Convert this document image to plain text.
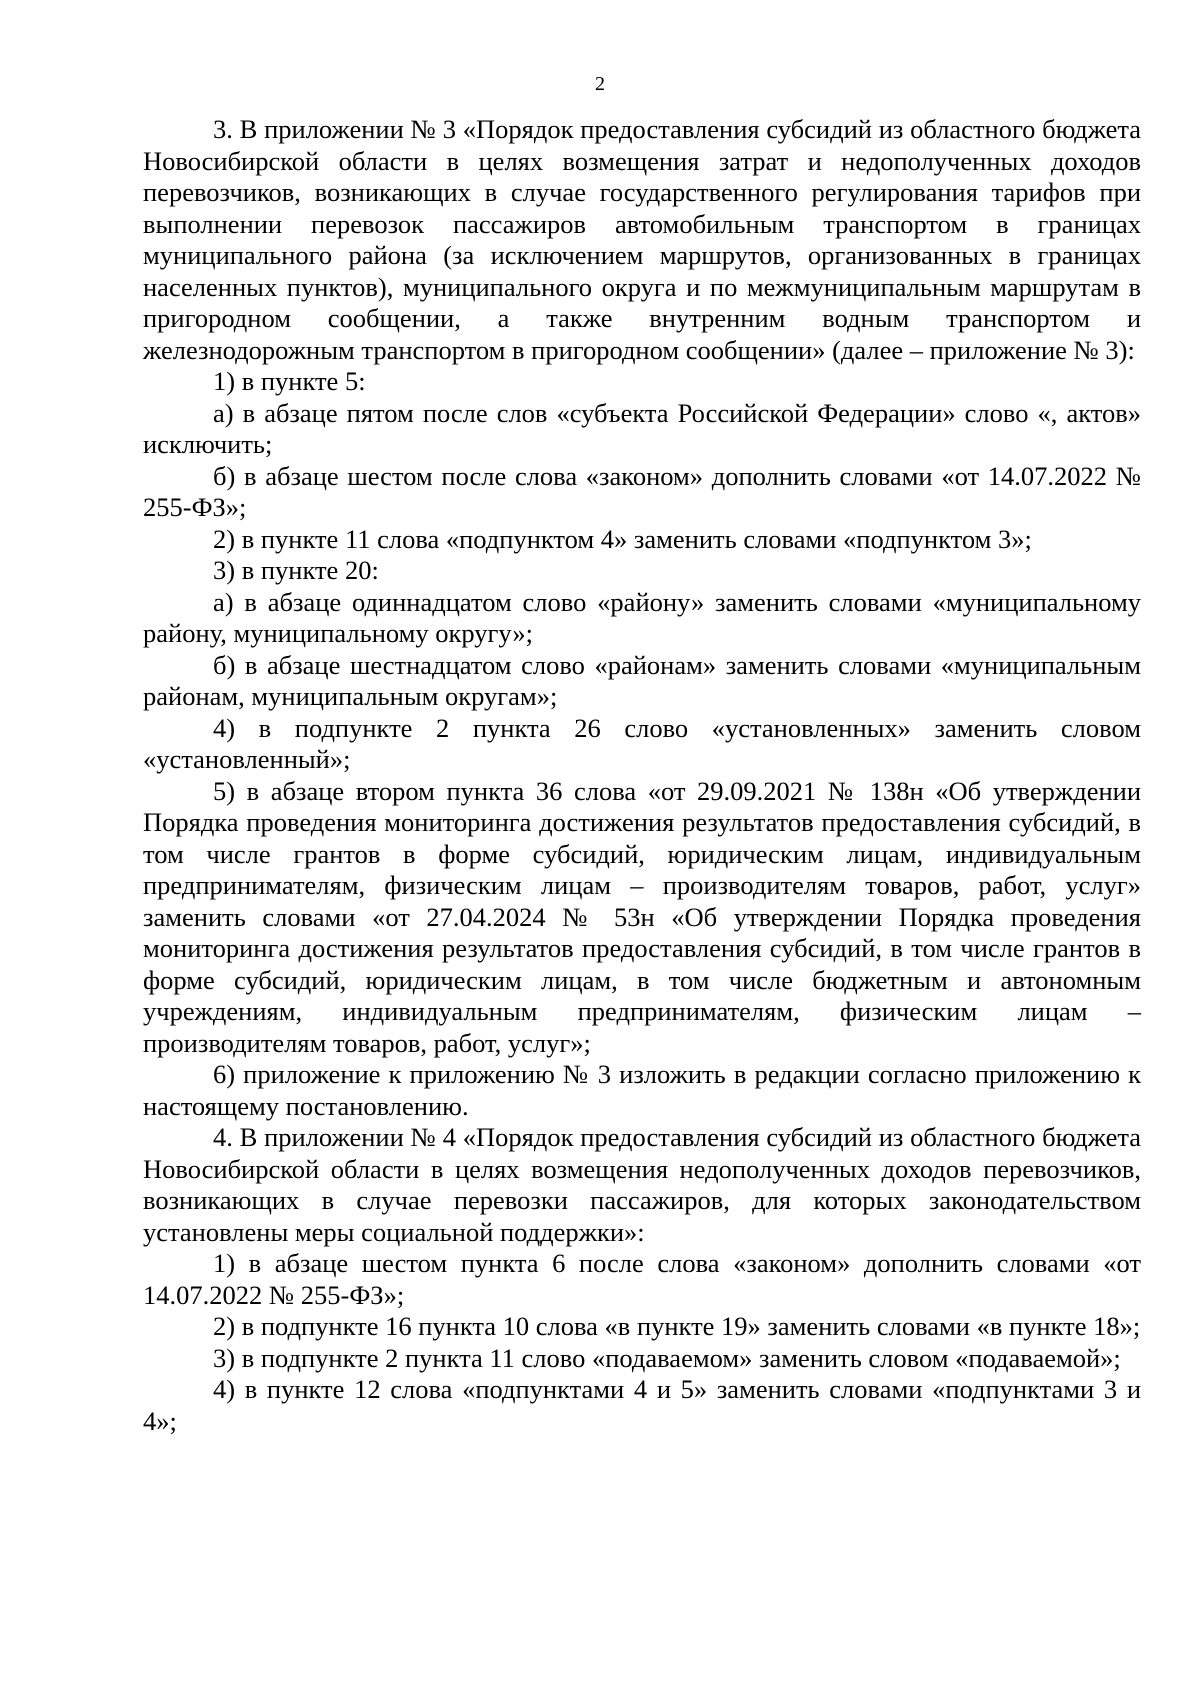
2

3. В приложении № 3 «Порядок предоставления субсидий из областного бюджета Новосибирской области в целях возмещения затрат и недополученных доходов перевозчиков, возникающих в случае государственного регулирования тарифов при выполнении перевозок пассажиров автомобильным транспортом в границах муниципального района (за исключением маршрутов, организованных в границах населенных пунктов), муниципального округа и по межмуниципальным маршрутам в пригородном сообщении, а также внутренним водным транспортом и железнодорожным транспортом в пригородном сообщении» (далее – приложение № 3):

1) в пункте 5:

а) в абзаце пятом после слов «субъекта Российской Федерации» слово «, актов» исключить;

б) в абзаце шестом после слова «законом» дополнить словами «от 14.07.2022 № 255-ФЗ»;

2) в пункте 11 слова «подпунктом 4» заменить словами «подпунктом 3»;

3) в пункте 20:

а) в абзаце одиннадцатом слово «району» заменить словами «муниципальному району, муниципальному округу»;

б) в абзаце шестнадцатом слово «районам» заменить словами «муниципальным районам, муниципальным округам»;

4) в подпункте 2 пункта 26 слово «установленных» заменить словом «установленный»;

5) в абзаце втором пункта 36 слова «от 29.09.2021 № 138н «Об утверждении Порядка проведения мониторинга достижения результатов предоставления субсидий, в том числе грантов в форме субсидий, юридическим лицам, индивидуальным предпринимателям, физическим лицам – производителям товаров, работ, услуг» заменить словами «от 27.04.2024 № 53н «Об утверждении Порядка проведения мониторинга достижения результатов предоставления субсидий, в том числе грантов в форме субсидий, юридическим лицам, в том числе бюджетным и автономным учреждениям, индивидуальным предпринимателям, физическим лицам – производителям товаров, работ, услуг»;

6) приложение к приложению № 3 изложить в редакции согласно приложению к настоящему постановлению.

4. В приложении № 4 «Порядок предоставления субсидий из областного бюджета Новосибирской области в целях возмещения недополученных доходов перевозчиков, возникающих в случае перевозки пассажиров, для которых законодательством установлены меры социальной поддержки»:

1) в абзаце шестом пункта 6 после слова «законом» дополнить словами «от 14.07.2022 № 255-ФЗ»;

2) в подпункте 16 пункта 10 слова «в пункте 19» заменить словами «в пункте 18»;

3) в подпункте 2 пункта 11 слово «подаваемом» заменить словом «подаваемой»;

4) в пункте 12 слова «подпунктами 4 и 5» заменить словами «подпунктами 3 и 4»;
